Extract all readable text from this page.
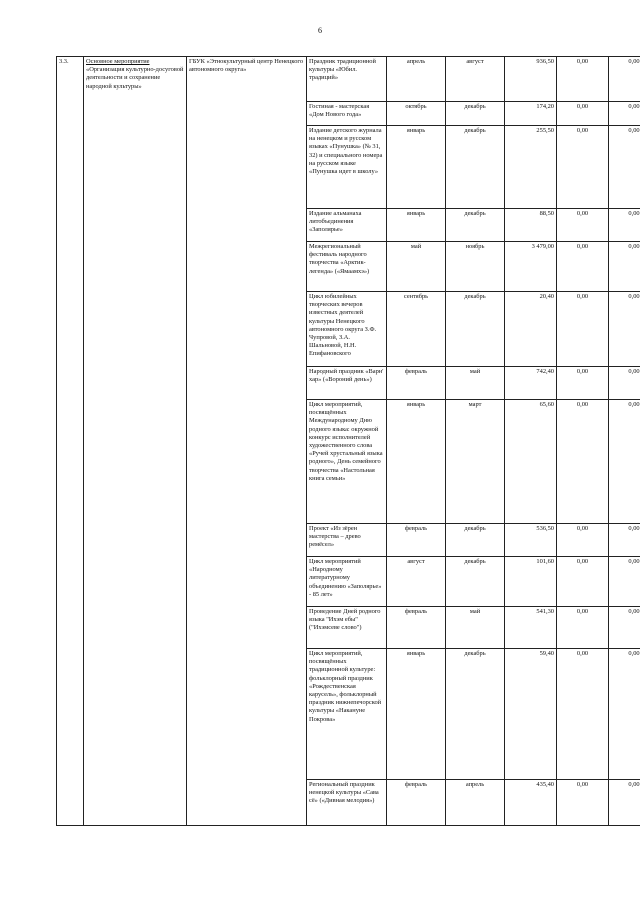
6
3.3.	Основное мероприятие «Организация культурно-досуговой деятельности и сохранение народной культуры»	ГБУК «Этнокультурный центр Ненецкого автономного округа»	Праздник традиционной культуры «Юбил. традиций»	апрель	август	936,50	0,00	0,00
			Гостиная - мастерская «Дом Нового года»	октябрь	декабрь	174,20	0,00	0,00
			Издание детского журнала на ненецком и русском языках «Пунушка» (№ 31, 32) и специального номера на русском языке «Пунушка идет в школу»	январь	декабрь	255,50	0,00	0,00
			Издание альманаха литобъединения «Заполярье»	январь	декабрь	88,50	0,00	0,00
			Межрегиональный фестиваль народного творчества «Арктик-легенда» («Ямаамхэ»)	май	ноябрь	3 479,00	0,00	0,00
			Цикл юбилейных творческих вечеров известных деятелей культуры Ненецкого автономного округа З.Ф. Чупровой, З.А. Шальновой, Н.Н. Епифановского	сентябрь	декабрь	20,40	0,00	0,00
			Народный праздник «Варн' хар» («Вороний день»)	февраль	май	742,40	0,00	0,00
			Цикл мероприятий, посвящённых Международному Дню родного языка: окружной конкурс исполнителей художественного слова «Ручей хрустальный языка родного», День семейного творчества «Настольная книга семьи»	январь	март	65,60	0,00	0,00
			Проект «Из зёрен мастерства – древо ремёсел»	февраль	декабрь	536,50	0,00	0,00
			Цикл мероприятий «Народному литературному объединению «Заполярье» - 85 лет»	август	декабрь	101,60	0,00	0,00
			Проведение Дней родного языка "Ихэм ебы" ("Ихэмсеве слово")	февраль	май	541,30	0,00	0,00
			Цикл мероприятий, посвящённых традиционной культуре: фольклорный праздник «Рождественская карусель», фольклорный праздник нижнепечорской культуры «Накануне Покрова»	январь	декабрь	59,40	0,00	0,00
			Региональный праздник ненецкой культуры «Сава сё» («Дивная мелодия»)	февраль	апрель	435,40	0,00	0,00
